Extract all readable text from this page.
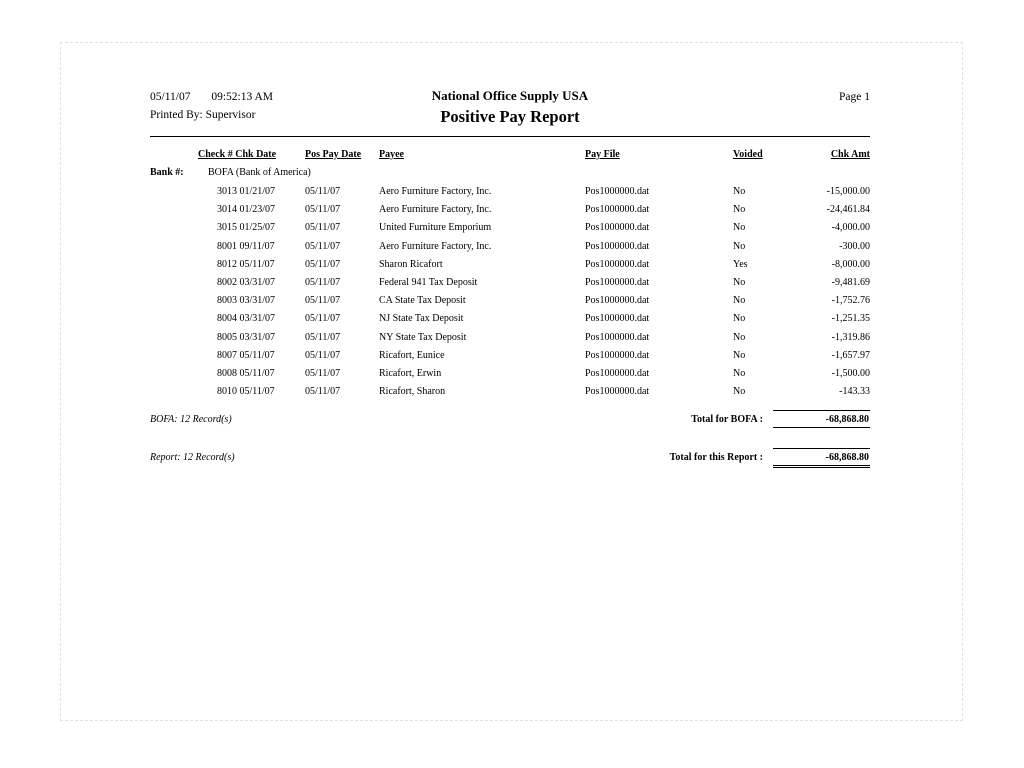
05/11/07 09:52:13 AM	National Office Supply USA	Page 1
Printed By: Supervisor	Positive Pay Report
Check # Chk Date	Pos Pay Date Payee	Pay File	Voided	Chk Amt
Bank #: BOFA (Bank of America)
3013 01/21/07	05/11/07	Aero Furniture Factory, Inc.	Pos1000000.dat	No	-15,000.00
3014 01/23/07	05/11/07	Aero Furniture Factory, Inc.	Pos1000000.dat	No	-24,461.84
3015 01/25/07	05/11/07	United Furniture Emporium	Pos1000000.dat	No	-4,000.00
8001 09/11/07	05/11/07	Aero Furniture Factory, Inc.	Pos1000000.dat	No	-300.00
8012 05/11/07	05/11/07	Sharon Ricafort	Pos1000000.dat	Yes	-8,000.00
8002 03/31/07	05/11/07	Federal 941 Tax Deposit	Pos1000000.dat	No	-9,481.69
8003 03/31/07	05/11/07	CA State Tax Deposit	Pos1000000.dat	No	-1,752.76
8004 03/31/07	05/11/07	NJ State Tax Deposit	Pos1000000.dat	No	-1,251.35
8005 03/31/07	05/11/07	NY State Tax Deposit	Pos1000000.dat	No	-1,319.86
8007 05/11/07	05/11/07	Ricafort, Eunice	Pos1000000.dat	No	-1,657.97
8008 05/11/07	05/11/07	Ricafort, Erwin	Pos1000000.dat	No	-1,500.00
8010 05/11/07	05/11/07	Ricafort, Sharon	Pos1000000.dat	No	-143.33
BOFA: 12 Record(s)	Total for BOFA :	-68,868.80
Report: 12 Record(s)	Total for this Report :	-68,868.80
